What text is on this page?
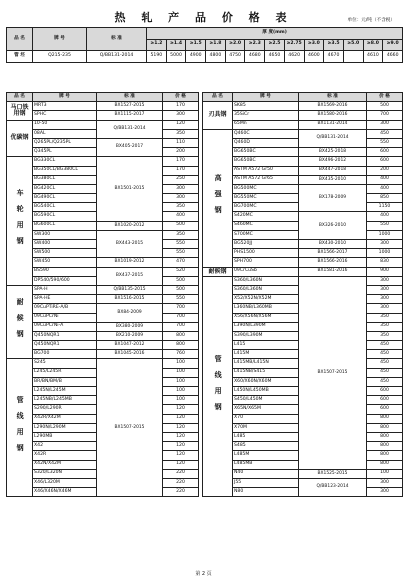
热 轧 产 品 价 格 表	单位：元/吨（不含税）
品 名	牌 号	标 准	厚 度(mm)												
			≥1.2	≥1.4	≥1.5	≥1.8	≥2.0	≥2.3	≥2.5	≥2.75	≥3.0	≥3.5	≥5.0	≥8.0	≥9.0
管 坯	Q215-235	Q/BB131-2014	5190	5000	4900	4800	4750	4680	4650	4620	4600	4670		4610	4660
品 名	牌 号	标 准	价 格
马口铁用钢	MRT3	BX1527-2015	170
	SPHC	BX1115-2017	300
优碳钢	10-50	Q/BB131-2014	120
	08AL		350
	Q265PL/Q235PL	BX405-2017	110
	Q345PL		200
车轮用钢	BG330CL	BX1501-2015	170
	BG350CL/BG380CL		170
	BG380CL		250
	BG420CL		300
	BG490CL		300
	BG540CL		350
	BG590CL		400
	BG600CL	BX1020-2012	500
	SW300	BX443-2015	350
	SW400		550
	SW500		550
	SW450	BX1019-2012	470
	BS590	BX437-2015	520
	DP540/590/600		500
耐候钢	SPA-H	Q/BB135-2015	500
	SPA-HE	BX1516-2015	550
	09CuPTiRE-A/B	BX84-2009	700
	09CuPCrNi		700
	09CuPCrNi-A	BX380-2009	700
	Q450NQR1	BX210-2009	800
	Q450NQR1	BX1047-2012	800
	BG700	BX1045-2016	760
管线用钢	S245	BX1507-2015	100
	L245/L245R		100
	BR/BN/BM/B		100
	L245N/L245M		100
	L245NB/L245MB		100
	S290/L290R		120
	X42R/X42M		120
	L290N/L290M		120
	L290MB		120
	X42		120
	X42R		120
	X42N/X42M		120
	S320/L320N		220
	X46/L320M		220
	X46/X46N/X46M		220
品 名	牌 号	标 准	价 格
刃具钢	SK85	BX1569-2016	500
	35SiCr	BX1580-2016	700
	65Mn	BX1131-2014	300
高强钢	Q460C	Q/BB131-2014	450
	Q460D		550
	BG650BC	BX425-2018	600
	BG650BC	BX496-2012	600
	ASTM A572 Gr50	BX447-2018	200
	ASTM A572 Gr65	BX435-2010	400
	BG500MC	BX178-2009	400
	BG550MC		850
	BG700MC		1150
	S420MC	BX326-2010	400
	S460MC		550
	S700MC		1000
	BG520JJ	BX430-2010	300
	PHS1500	BX1566-2017	1000
	SPH700	BX1566-2016	830
耐候钢	09CrCuSb	BX1581-2016	900
管线用钢	S360/L360N	BX1507-2015	300
	S360/L360N		300
	X52/X52N/X52M		300
	L360NB/L360MB		300
	X56/X56N/X56M		350
	L390N/L390M		350
	S390/L390M		350
	L415		450
	L415M		450
	L415MB/L415N		450
	L415NB/S415		450
	X60/X60N/X60M		450
	L450N/L450MB		600
	S450/L450M		600
	X65N/X65M		600
	X70		800
	X70M		800
	L485		800
	S485		800
	L485M		800
	L485MB		800
	N40	BX1525-2015	100
	J55	Q/BB123-2014	300
	N80		300
第 2 页
